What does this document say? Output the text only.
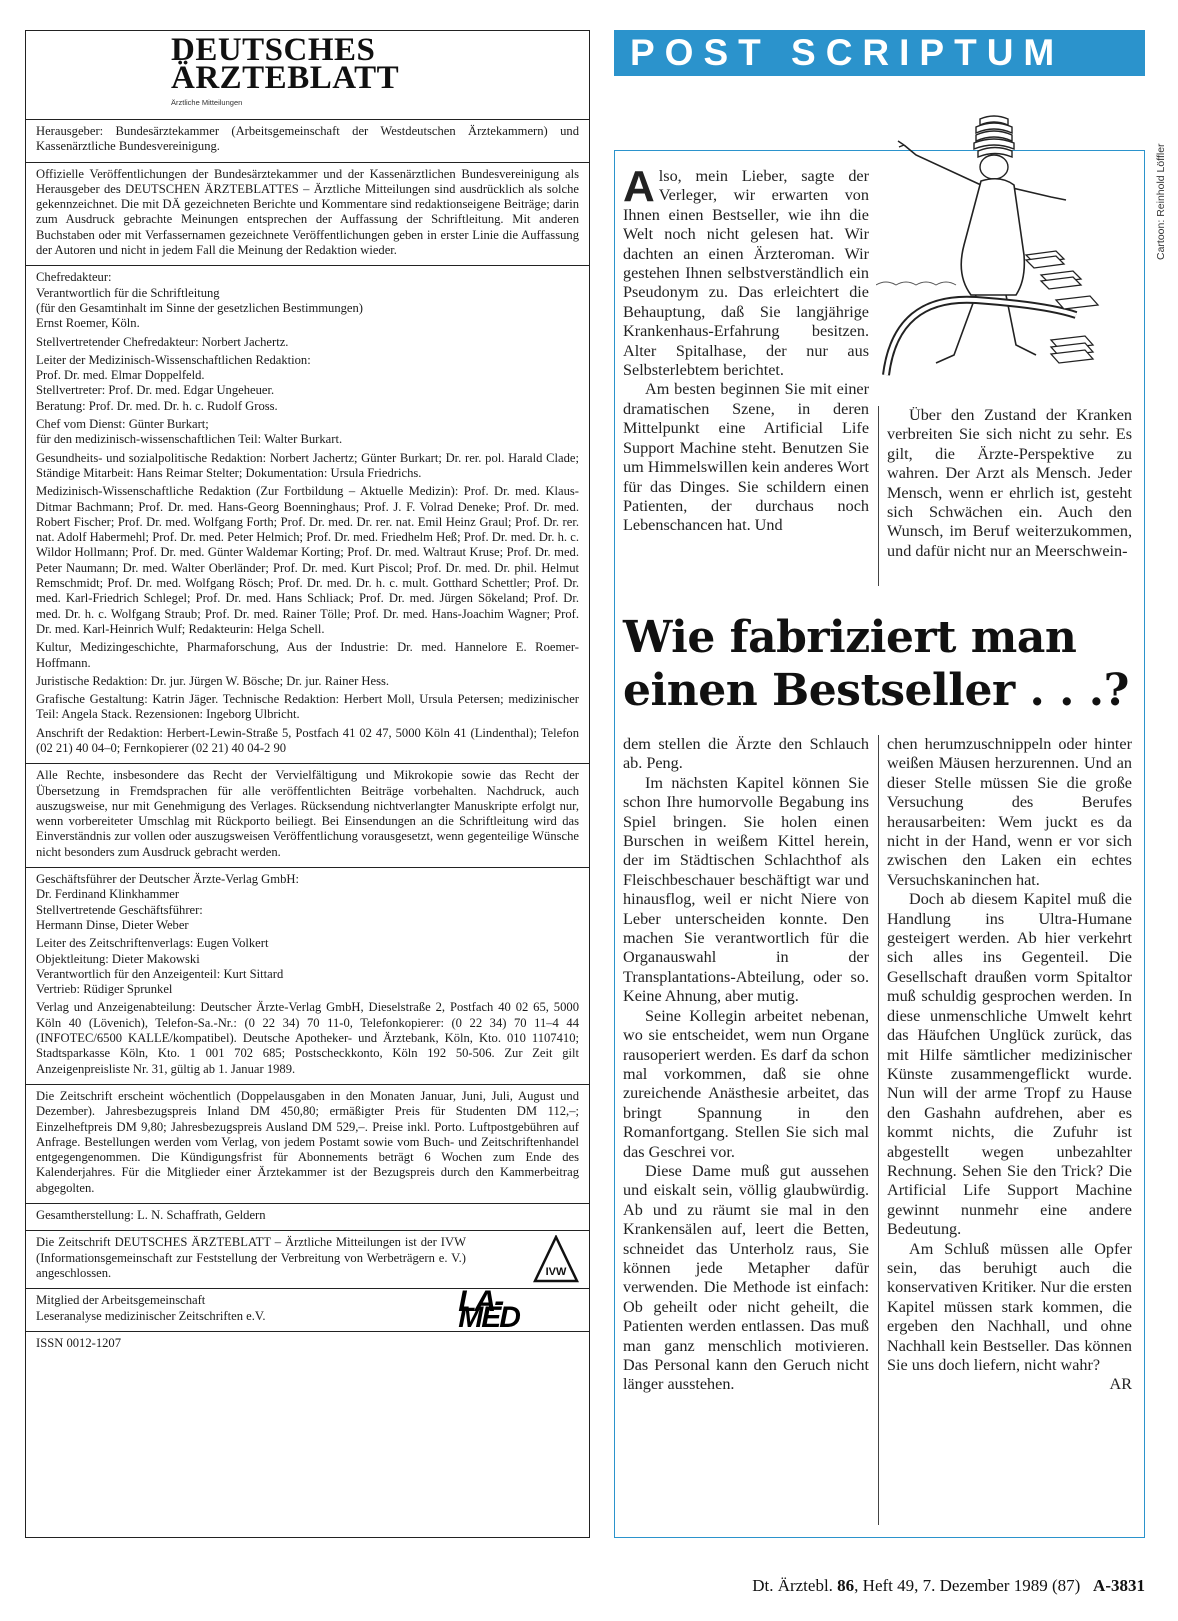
DEUTSCHES
ÄRZTEBLATT
Ärztliche Mitteilungen

Herausgeber: Bundesärztekammer (Arbeitsgemeinschaft der Westdeutschen Ärztekammern) und Kassenärztliche Bundesvereinigung.

Offizielle Veröffentlichungen der Bundesärztekammer und der Kassenärztlichen Bundesvereinigung als Herausgeber des DEUTSCHEN ÄRZTEBLATTES – Ärztliche Mitteilungen sind ausdrücklich als solche gekennzeichnet. Die mit DÄ gezeichneten Berichte und Kommentare sind redaktionseigene Beiträge; darin zum Ausdruck gebrachte Meinungen entsprechen der Auffassung der Schriftleitung. Mit anderen Buchstaben oder mit Verfassernamen gezeichnete Veröffentlichungen geben in erster Linie die Auffassung der Autoren und nicht in jedem Fall die Meinung der Redaktion wieder.

Chefredakteur:
Verantwortlich für die Schriftleitung
(für den Gesamtinhalt im Sinne der gesetzlichen Bestimmungen)
Ernst Roemer, Köln.

Stellvertretender Chefredakteur: Norbert Jachertz.

Leiter der Medizinisch-Wissenschaftlichen Redaktion:
Prof. Dr. med. Elmar Doppelfeld.
Stellvertreter: Prof. Dr. med. Edgar Ungeheuer.
Beratung: Prof. Dr. med. Dr. h. c. Rudolf Gross.

Chef vom Dienst: Günter Burkart;
für den medizinisch-wissenschaftlichen Teil: Walter Burkart.

Gesundheits- und sozialpolitische Redaktion: Norbert Jachertz; Günter Burkart; Dr. rer. pol. Harald Clade; Ständige Mitarbeit: Hans Reimar Stelter; Dokumentation: Ursula Friedrichs.

Medizinisch-Wissenschaftliche Redaktion (Zur Fortbildung – Aktuelle Medizin): Prof. Dr. med. Klaus-Ditmar Bachmann; Prof. Dr. med. Hans-Georg Boenninghaus; Prof. J. F. Volrad Deneke; Prof. Dr. med. Robert Fischer; Prof. Dr. med. Wolfgang Forth; Prof. Dr. med. Dr. rer. nat. Emil Heinz Graul; Prof. Dr. rer. nat. Adolf Habermehl; Prof. Dr. med. Peter Helmich; Prof. Dr. med. Friedhelm Heß; Prof. Dr. med. Dr. h. c. Wildor Hollmann; Prof. Dr. med. Günter Waldemar Korting; Prof. Dr. med. Waltraut Kruse; Prof. Dr. med. Peter Naumann; Dr. med. Walter Oberländer; Prof. Dr. med. Kurt Piscol; Prof. Dr. med. Dr. phil. Helmut Remschmidt; Prof. Dr. med. Wolfgang Rösch; Prof. Dr. med. Dr. h. c. mult. Gotthard Schettler; Prof. Dr. med. Karl-Friedrich Schlegel; Prof. Dr. med. Hans Schliack; Prof. Dr. med. Jürgen Sökeland; Prof. Dr. med. Dr. h. c. Wolfgang Straub; Prof. Dr. med. Rainer Tölle; Prof. Dr. med. Hans-Joachim Wagner; Prof. Dr. med. Karl-Heinrich Wulf; Redakteurin: Helga Schell.

Kultur, Medizingeschichte, Pharmaforschung, Aus der Industrie: Dr. med. Hannelore E. Roemer-Hoffmann.

Juristische Redaktion: Dr. jur. Jürgen W. Bösche; Dr. jur. Rainer Hess.

Grafische Gestaltung: Katrin Jäger. Technische Redaktion: Herbert Moll, Ursula Petersen; medizinischer Teil: Angela Stack. Rezensionen: Ingeborg Ulbricht.

Anschrift der Redaktion: Herbert-Lewin-Straße 5, Postfach 41 02 47, 5000 Köln 41 (Lindenthal); Telefon (02 21) 40 04–0; Fernkopierer (02 21) 40 04-2 90

Alle Rechte, insbesondere das Recht der Vervielfältigung und Mikrokopie sowie das Recht der Übersetzung in Fremdsprachen für alle veröffentlichten Beiträge vorbehalten. Nachdruck, auch auszugsweise, nur mit Genehmigung des Verlages. Rücksendung nichtverlangter Manuskripte erfolgt nur, wenn vorbereiteter Umschlag mit Rückporto beiliegt. Bei Einsendungen an die Schriftleitung wird das Einverständnis zur vollen oder auszugsweisen Veröffentlichung vorausgesetzt, wenn gegenteilige Wünsche nicht besonders zum Ausdruck gebracht werden.

Geschäftsführer der Deutscher Ärzte-Verlag GmbH:
Dr. Ferdinand Klinkhammer
Stellvertretende Geschäftsführer:
Hermann Dinse, Dieter Weber

Leiter des Zeitschriftenverlags: Eugen Volkert
Objektleitung: Dieter Makowski
Verantwortlich für den Anzeigenteil: Kurt Sittard
Vertrieb: Rüdiger Sprunkel

Verlag und Anzeigenabteilung: Deutscher Ärzte-Verlag GmbH, Dieselstraße 2, Postfach 40 02 65, 5000 Köln 40 (Lövenich), Telefon-Sa.-Nr.: (0 22 34) 70 11-0, Telefonkopierer: (0 22 34) 70 11–4 44 (INFOTEC/6500 KALLE/kompatibel). Deutsche Apotheker- und Ärztebank, Köln, Kto. 010 1107410; Stadtsparkasse Köln, Kto. 1 001 702 685; Postscheckkonto, Köln 192 50-506. Zur Zeit gilt Anzeigenpreisliste Nr. 31, gültig ab 1. Januar 1989.

Die Zeitschrift erscheint wöchentlich (Doppelausgaben in den Monaten Januar, Juni, Juli, August und Dezember). Jahresbezugspreis Inland DM 450,80; ermäßigter Preis für Studenten DM 112,–; Einzelheftpreis DM 9,80; Jahresbezugspreis Ausland DM 529,–. Preise inkl. Porto. Luftpostgebühren auf Anfrage. Bestellungen werden vom Verlag, von jedem Postamt sowie vom Buch- und Zeitschriftenhandel entgegengenommen. Die Kündigungsfrist für Abonnements beträgt 6 Wochen zum Ende des Kalenderjahres. Für die Mitglieder einer Ärztekammer ist der Bezugspreis durch den Kammerbeitrag abgegolten.

Gesamtherstellung: L. N. Schaffrath, Geldern

Die Zeitschrift DEUTSCHES ÄRZTEBLATT – Ärztliche Mitteilungen ist der IVW (Informationsgemeinschaft zur Feststellung der Verbreitung von Werbeträgern e. V.) angeschlossen.	IVW

Mitglied der Arbeitsgemeinschaft
Leseranalyse medizinischer Zeitschriften e.V.	LA-MED

ISSN 0012-1207

POST SCRIPTUM
Cartoon: Reinhold Löffler

Also, mein Lieber, sagte der Verleger, wir erwarten von Ihnen einen Bestseller, wie ihn die Welt noch nicht gelesen hat. Wir dachten an einen Ärzteroman. Wir gestehen Ihnen selbstverständlich ein Pseudonym zu. Das erleichtert die Behauptung, daß Sie langjährige Krankenhaus-Erfahrung besitzen. Alter Spitalhase, der nur aus Selbsterlebtem berichtet.

Am besten beginnen Sie mit einer dramatischen Szene, in deren Mittelpunkt eine Artificial Life Support Machine steht. Benutzen Sie um Himmelswillen kein anderes Wort für das Dinges. Sie schildern einen Patienten, der durchaus noch Lebenschancen hat. Und

Über den Zustand der Kranken verbreiten Sie sich nicht zu sehr. Es gilt, die Ärzte-Perspektive zu wahren. Der Arzt als Mensch. Jeder Mensch, wenn er ehrlich ist, gesteht sich Schwächen ein. Auch den Wunsch, im Beruf weiterzukommen, und dafür nicht nur an Meerschwein-

Wie fabriziert man
einen Bestseller . . .?

dem stellen die Ärzte den Schlauch ab. Peng.

Im nächsten Kapitel können Sie schon Ihre humorvolle Begabung ins Spiel bringen. Sie holen einen Burschen in weißem Kittel herein, der im Städtischen Schlachthof als Fleischbeschauer beschäftigt war und hinausflog, weil er nicht Niere von Leber unterscheiden konnte. Den machen Sie verantwortlich für die Organauswahl in der Transplantations-Abteilung, oder so. Keine Ahnung, aber mutig.

Seine Kollegin arbeitet nebenan, wo sie entscheidet, wem nun Organe rausoperiert werden. Es darf da schon mal vorkommen, daß sie ohne zureichende Anästhesie arbeitet, das bringt Spannung in den Romanfortgang. Stellen Sie sich mal das Geschrei vor.

Diese Dame muß gut aussehen und eiskalt sein, völlig glaubwürdig. Ab und zu räumt sie mal in den Krankensälen auf, leert die Betten, schneidet das Unterholz raus, Sie können jede Metapher dafür verwenden. Die Methode ist einfach: Ob geheilt oder nicht geheilt, die Patienten werden entlassen. Das muß man ganz menschlich motivieren. Das Personal kann den Geruch nicht länger ausstehen.

chen herumzuschnippeln oder hinter weißen Mäusen herzurennen. Und an dieser Stelle müssen Sie die große Versuchung des Berufes herausarbeiten: Wem juckt es da nicht in der Hand, wenn er vor sich zwischen den Laken ein echtes Versuchskaninchen hat.

Doch ab diesem Kapitel muß die Handlung ins Ultra-Humane gesteigert werden. Ab hier verkehrt sich alles ins Gegenteil. Die Gesellschaft draußen vorm Spitaltor muß schuldig gesprochen werden. In diese unmenschliche Umwelt kehrt das Häufchen Unglück zurück, das mit Hilfe sämtlicher medizinischer Künste zusammengeflickt wurde. Nun will der arme Tropf zu Hause den Gashahn aufdrehen, aber es kommt nichts, die Zufuhr ist abgestellt wegen unbezahlter Rechnung. Sehen Sie den Trick? Die Artificial Life Support Machine gewinnt nunmehr eine andere Bedeutung.

Am Schluß müssen alle Opfer sein, das beruhigt auch die konservativen Kritiker. Nur die ersten Kapitel müssen stark kommen, die ergeben den Nachhall, und ohne Nachhall kein Bestseller. Das können Sie uns doch liefern, nicht wahr?
AR

Dt. Ärztebl. 86, Heft 49, 7. Dezember 1989 (87) A-3831
